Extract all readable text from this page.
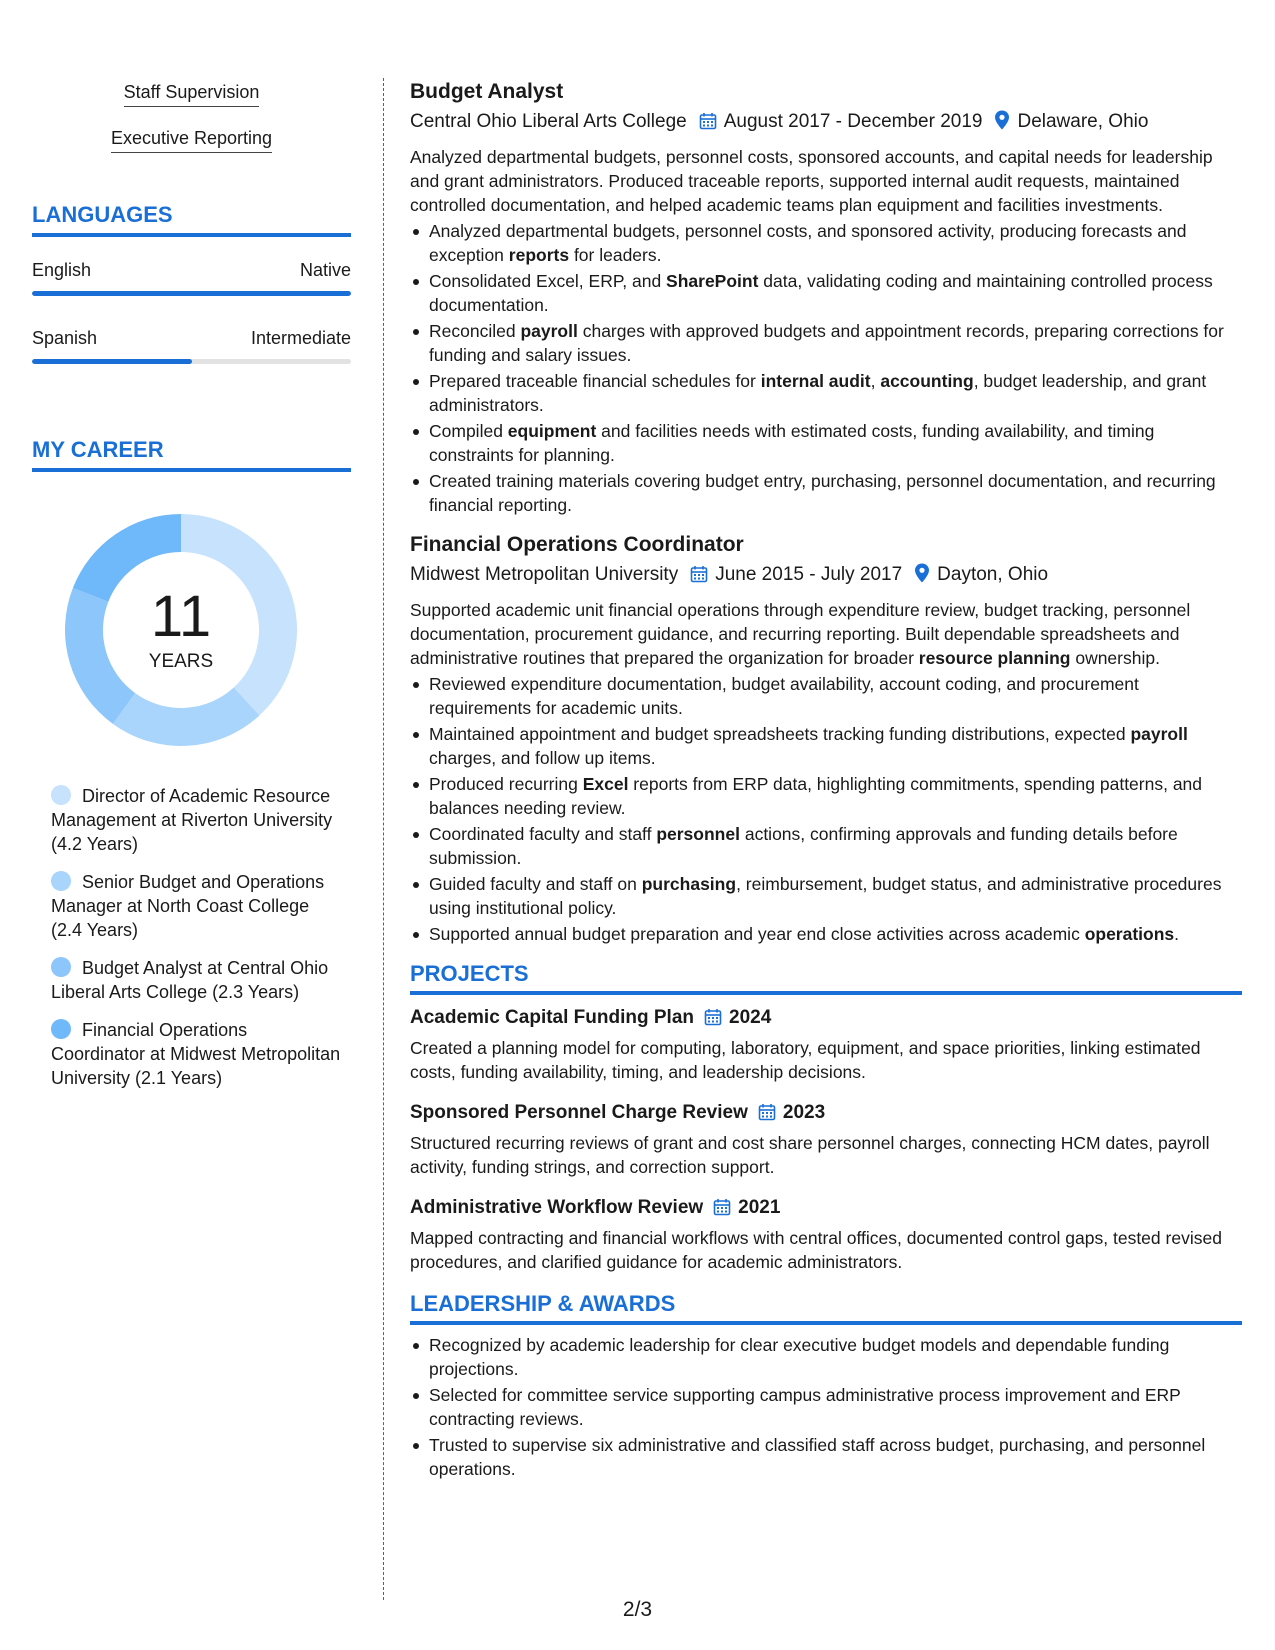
Staff Supervision
Executive Reporting
LANGUAGES
English	Native
Spanish	Intermediate
MY CAREER
11
YEARS
Director of Academic Resource Management at Riverton University (4.2 Years)
Senior Budget and Operations Manager at North Coast College (2.4 Years)
Budget Analyst at Central Ohio Liberal Arts College (2.3 Years)
Financial Operations Coordinator at Midwest Metropolitan University (2.1 Years)
Budget Analyst
Central Ohio Liberal Arts College August 2017 - December 2019 Delaware, Ohio

Analyzed departmental budgets, personnel costs, sponsored accounts, and capital needs for leadership and grant administrators. Produced traceable reports, supported internal audit requests, maintained controlled documentation, and helped academic teams plan equipment and facilities investments.

Analyzed departmental budgets, personnel costs, and sponsored activity, producing forecasts and exception reports for leaders.
Consolidated Excel, ERP, and SharePoint data, validating coding and maintaining controlled process documentation.
Reconciled payroll charges with approved budgets and appointment records, preparing corrections for funding and salary issues.
Prepared traceable financial schedules for internal audit, accounting, budget leadership, and grant administrators.
Compiled equipment and facilities needs with estimated costs, funding availability, and timing constraints for planning.
Created training materials covering budget entry, purchasing, personnel documentation, and recurring financial reporting.
Financial Operations Coordinator
Midwest Metropolitan University June 2015 - July 2017 Dayton, Ohio

Supported academic unit financial operations through expenditure review, budget tracking, personnel documentation, procurement guidance, and recurring reporting. Built dependable spreadsheets and administrative routines that prepared the organization for broader resource planning ownership.

Reviewed expenditure documentation, budget availability, account coding, and procurement requirements for academic units.
Maintained appointment and budget spreadsheets tracking funding distributions, expected payroll charges, and follow up items.
Produced recurring Excel reports from ERP data, highlighting commitments, spending patterns, and balances needing review.
Coordinated faculty and staff personnel actions, confirming approvals and funding details before submission.
Guided faculty and staff on purchasing, reimbursement, budget status, and administrative procedures using institutional policy.
Supported annual budget preparation and year end close activities across academic operations.
PROJECTS
Academic Capital Funding Plan 2024

Created a planning model for computing, laboratory, equipment, and space priorities, linking estimated costs, funding availability, timing, and leadership decisions.

Sponsored Personnel Charge Review 2023

Structured recurring reviews of grant and cost share personnel charges, connecting HCM dates, payroll activity, funding strings, and correction support.

Administrative Workflow Review 2021

Mapped contracting and financial workflows with central offices, documented control gaps, tested revised procedures, and clarified guidance for academic administrators.

LEADERSHIP & AWARDS
Recognized by academic leadership for clear executive budget models and dependable funding projections.
Selected for committee service supporting campus administrative process improvement and ERP contracting reviews.
Trusted to supervise six administrative and classified staff across budget, purchasing, and personnel operations.
2/3
